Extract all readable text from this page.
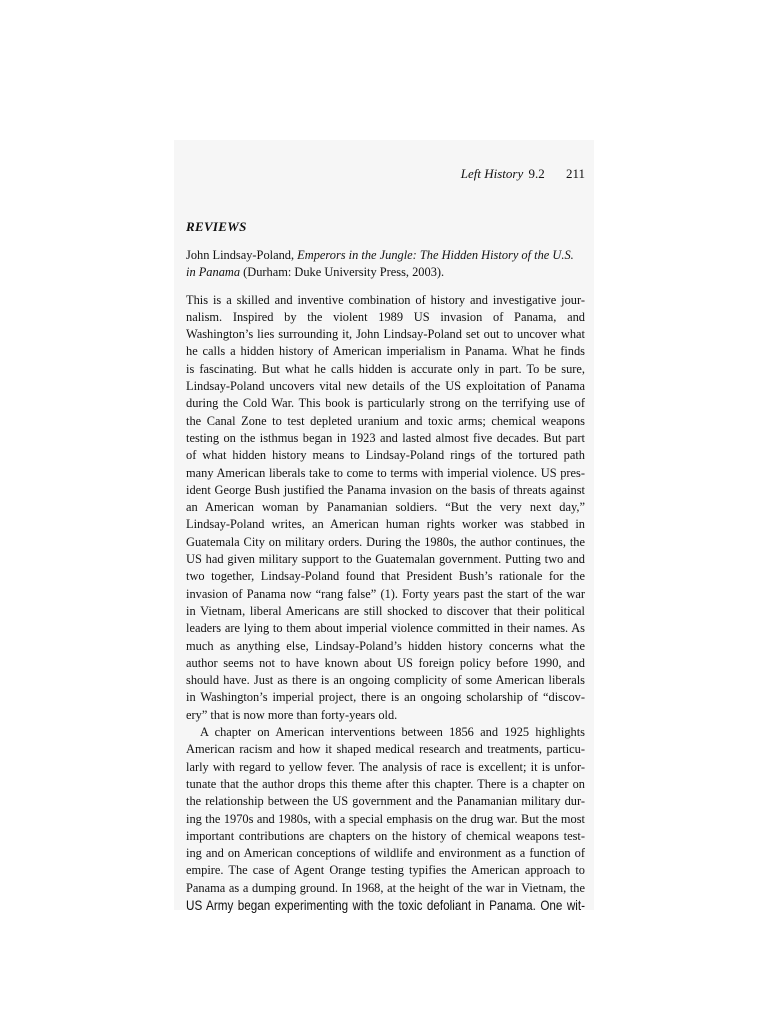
Left History 9.2 211
REVIEWS
John Lindsay-Poland, Emperors in the Jungle: The Hidden History of the U.S. in Panama (Durham: Duke University Press, 2003).
This is a skilled and inventive combination of history and investigative jour-
nalism. Inspired by the violent 1989 US invasion of Panama, and
Washington’s lies surrounding it, John Lindsay-Poland set out to uncover what
he calls a hidden history of American imperialism in Panama. What he finds
is fascinating. But what he calls hidden is accurate only in part. To be sure,
Lindsay-Poland uncovers vital new details of the US exploitation of Panama
during the Cold War. This book is particularly strong on the terrifying use of
the Canal Zone to test depleted uranium and toxic arms; chemical weapons
testing on the isthmus began in 1923 and lasted almost five decades. But part
of what hidden history means to Lindsay-Poland rings of the tortured path
many American liberals take to come to terms with imperial violence. US pres-
ident George Bush justified the Panama invasion on the basis of threats against
an American woman by Panamanian soldiers. “But the very next day,”
Lindsay-Poland writes, an American human rights worker was stabbed in
Guatemala City on military orders. During the 1980s, the author continues, the
US had given military support to the Guatemalan government. Putting two and
two together, Lindsay-Poland found that President Bush’s rationale for the
invasion of Panama now “rang false” (1). Forty years past the start of the war
in Vietnam, liberal Americans are still shocked to discover that their political
leaders are lying to them about imperial violence committed in their names. As
much as anything else, Lindsay-Poland’s hidden history concerns what the
author seems not to have known about US foreign policy before 1990, and
should have. Just as there is an ongoing complicity of some American liberals
in Washington’s imperial project, there is an ongoing scholarship of “discov-
ery” that is now more than forty-years old.
A chapter on American interventions between 1856 and 1925 highlights
American racism and how it shaped medical research and treatments, particu-
larly with regard to yellow fever. The analysis of race is excellent; it is unfor-
tunate that the author drops this theme after this chapter. There is a chapter on
the relationship between the US government and the Panamanian military dur-
ing the 1970s and 1980s, with a special emphasis on the drug war. But the most
important contributions are chapters on the history of chemical weapons test-
ing and on American conceptions of wildlife and environment as a function of
empire. The case of Agent Orange testing typifies the American approach to
Panama as a dumping ground. In 1968, at the height of the war in Vietnam, the
US Army began experimenting with the toxic defoliant in Panama. One wit-
